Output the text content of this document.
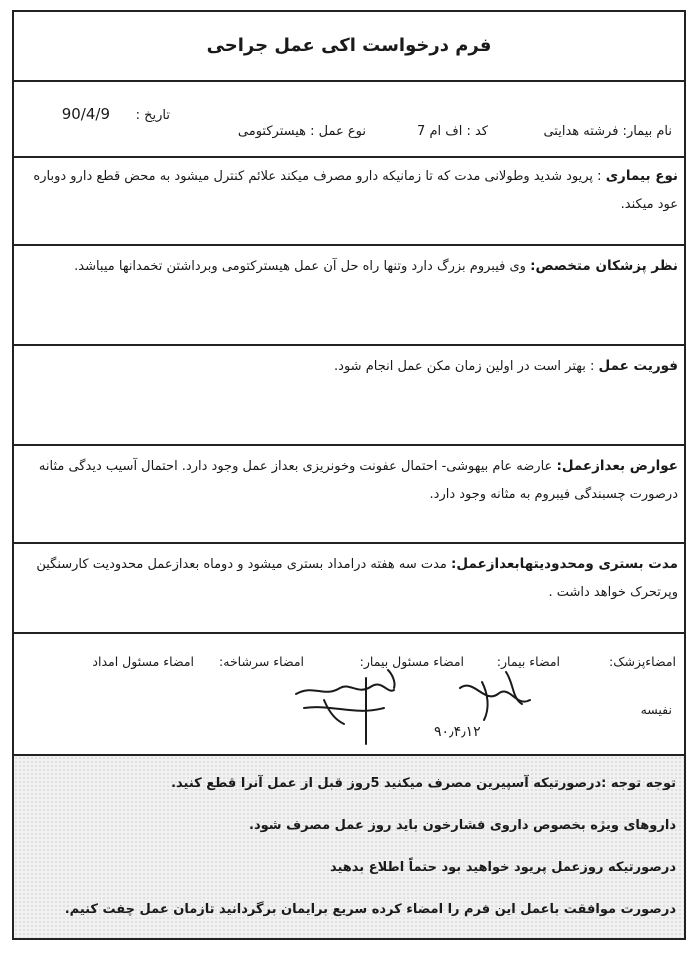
فرم درخواست اکی عمل جراحی
نام بیمار: فرشته هدایتی
کد : اف ام 7
نوع عمل : هیسترکتومی
تاریخ :
90/4/9
نوع بیماری : پریود شدید وطولانی مدت که تا زمانیکه دارو مصرف میکند علائم کنترل میشود به محض قطع دارو دوباره عود میکند.
نظر پزشکان متخصص: وی فیبروم بزرگ دارد وتنها راه حل آن عمل هیسترکتومی وبرداشتن تخمدانها میباشد.
فوریت عمل : بهتر است در اولین زمان مکن عمل انجام شود.
عوارض بعدازعمل: عارضه عام بیهوشی- احتمال عفونت وخونریزی بعداز عمل وجود دارد. احتمال آسیب دیدگی مثانه درصورت چسبندگی فیبروم به مثانه وجود دارد.
مدت بستری ومحدودیتهابعدازعمل: مدت سه هفته درامداد بستری میشود و دوماه بعدازعمل محدودیت کارسنگین وپرتحرک خواهد داشت .
امضاءپزشک:
امضاء بیمار:
امضاء مسئول بیمار:
امضاء سرشاخه:
امضاء مسئول امداد
نفیسه
۹۰٫۴٫۱۲
توجه توجه :درصورتیکه آسپیرین مصرف میکنید 5روز قبل از عمل آنرا قطع کنید.
داروهای ویژه بخصوص داروی فشارخون باید روز عمل مصرف شود.
درصورتیکه روزعمل پریود خواهید بود حتماً اطلاع بدهید
درصورت موافقت باعمل این فرم را امضاء کرده سریع برایمان برگردانید تازمان عمل چفت کنیم.
